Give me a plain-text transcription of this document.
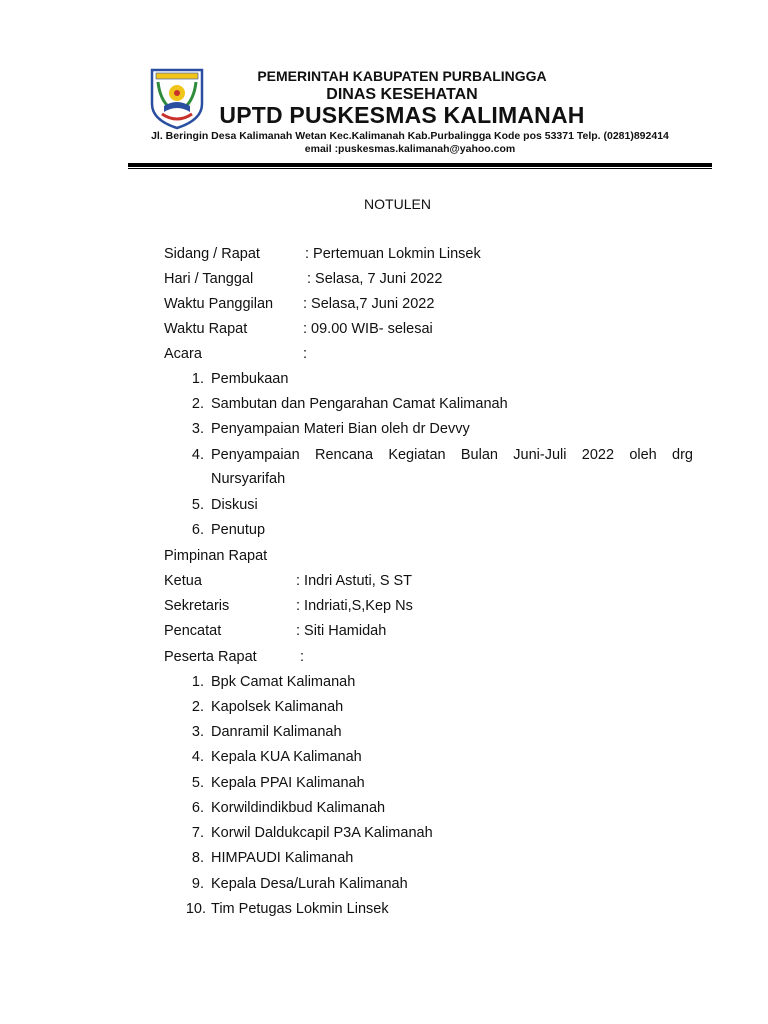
PEMERINTAH KABUPATEN PURBALINGGA
DINAS KESEHATAN
UPTD PUSKESMAS KALIMANAH
Jl. Beringin Desa Kalimanah Wetan Kec.Kalimanah Kab.Purbalingga Kode pos 53371 Telp. (0281)892414
email :puskesmas.kalimanah@yahoo.com
NOTULEN
Sidang / Rapat	: Pertemuan Lokmin Linsek
Hari / Tanggal	: Selasa, 7 Juni 2022
Waktu Panggilan : Selasa,7 Juni 2022
Waktu Rapat	: 09.00 WIB- selesai
Acara	:
1. Pembukaan
2. Sambutan dan Pengarahan Camat Kalimanah
3. Penyampaian Materi Bian oleh dr Devvy
4. Penyampaian Rencana Kegiatan Bulan Juni-Juli 2022 oleh drg
Nursyarifah
5. Diskusi
6. Penutup
Pimpinan Rapat
Ketua	: Indri Astuti, S ST
Sekretaris	: Indriati,S,Kep Ns
Pencatat	: Siti Hamidah
Peserta Rapat	:
1. Bpk Camat Kalimanah
2. Kapolsek Kalimanah
3. Danramil Kalimanah
4. Kepala KUA Kalimanah
5. Kepala PPAI Kalimanah
6. Korwildindikbud Kalimanah
7. Korwil Daldukcapil P3A Kalimanah
8. HIMPAUDI Kalimanah
9. Kepala Desa/Lurah Kalimanah
10. Tim Petugas Lokmin Linsek
